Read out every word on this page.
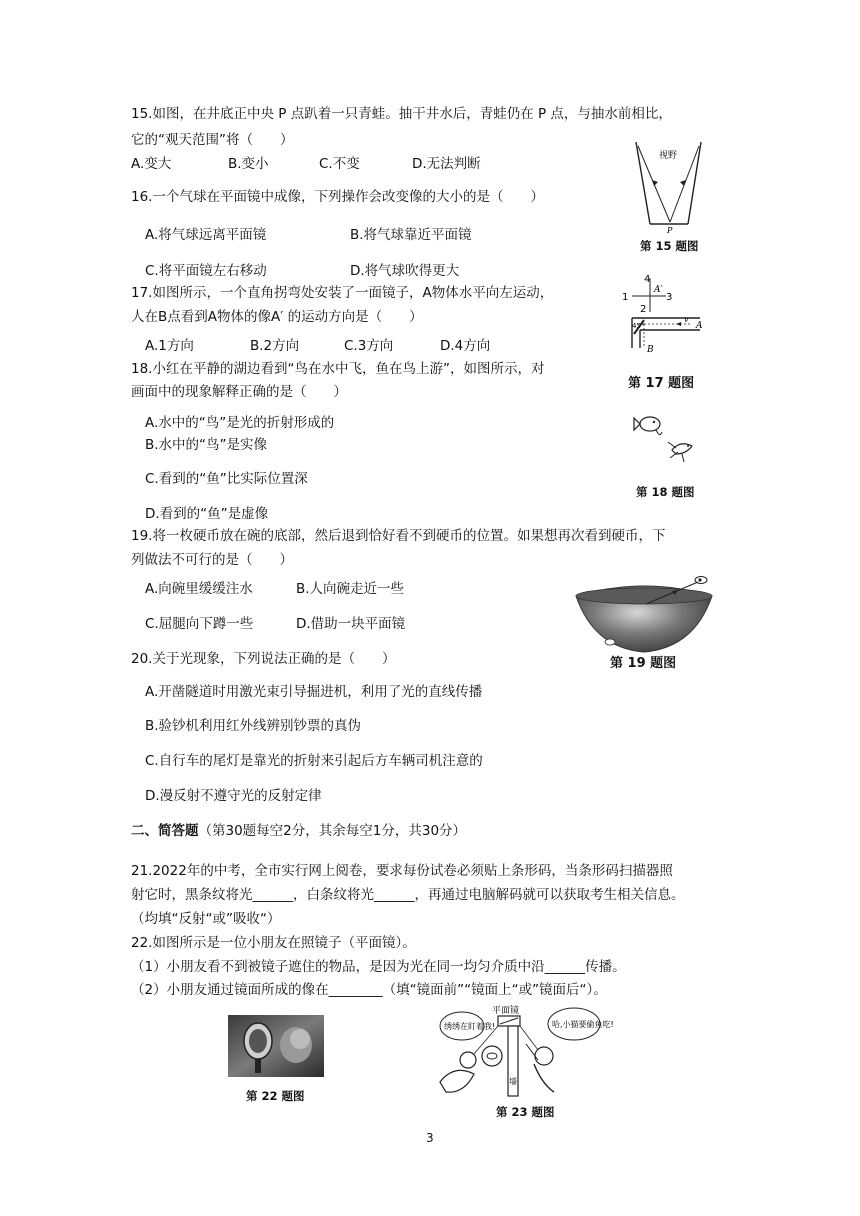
15.如图，在井底正中央 P 点趴着一只青蛙。抽干井水后，青蛙仍在 P 点，与抽水前相比，
它的“观天范围”将（　　）
A.变大	B.变小	C.不变	D.无法判断	视野
P
第 15 题图
16.一个气球在平面镜中成像，下列操作会改变像的大小的是（　　）
A.将气球远离平面镜	B.将气球靠近平面镜
C.将平面镜左右移动	D.将气球吹得更大
17.如图所示，一个直角拐弯处安装了一面镜子，A物体水平向左运动，
人在B点看到A物体的像A′ 的运动方向是（　　）
A.1方向	B.2方向	C.3方向	D.4方向
4
1	3
2
A′
v
A
B
45°
第 17 题图
18.小红在平静的湖边看到“鸟在水中飞，鱼在鸟上游”，如图所示，对
画面中的现象解释正确的是（　　）
A.水中的“鸟”是光的折射形成的
B.水中的“鸟”是实像
C.看到的“鱼”比实际位置深
D.看到的“鱼”是虚像
第 18 题图
19.将一枚硬币放在碗的底部，然后退到恰好看不到硬币的位置。如果想再次看到硬币，下
列做法不可行的是（　　）
A.向碗里缓缓注水	B.人向碗走近一些
C.屈腿向下蹲一些	D.借助一块平面镜
第 19 题图
20.关于光现象，下列说法正确的是（　　）
A.开凿隧道时用激光束引导掘进机，利用了光的直线传播
B.验钞机利用红外线辨别钞票的真伪
C.自行车的尾灯是靠光的折射来引起后方车辆司机注意的
D.漫反射不遵守光的反射定律
二、简答题（第30题每空2分，其余每空1分，共30分）
21.2022年的中考，全市实行网上阅卷，要求每份试卷必须贴上条形码，当条形码扫描器照
射它时，黑条纹将光______，白条纹将光______，再通过电脑解码就可以获取考生相关信息。
（均填“反射“或”吸收“）
22.如图所示是一位小朋友在照镜子（平面镜）。
（1）小朋友看不到被镜子遮住的物品，是因为光在同一均匀介质中沿______传播。
（2）小朋友通过镜面所成的像在________（填“镜面前”“镜面上“或”镜面后“）。
第 22 题图
平面镜
墙
绣绣在盯着我!	哈,小猫要偷鱼吃!
第 23 题图
3
